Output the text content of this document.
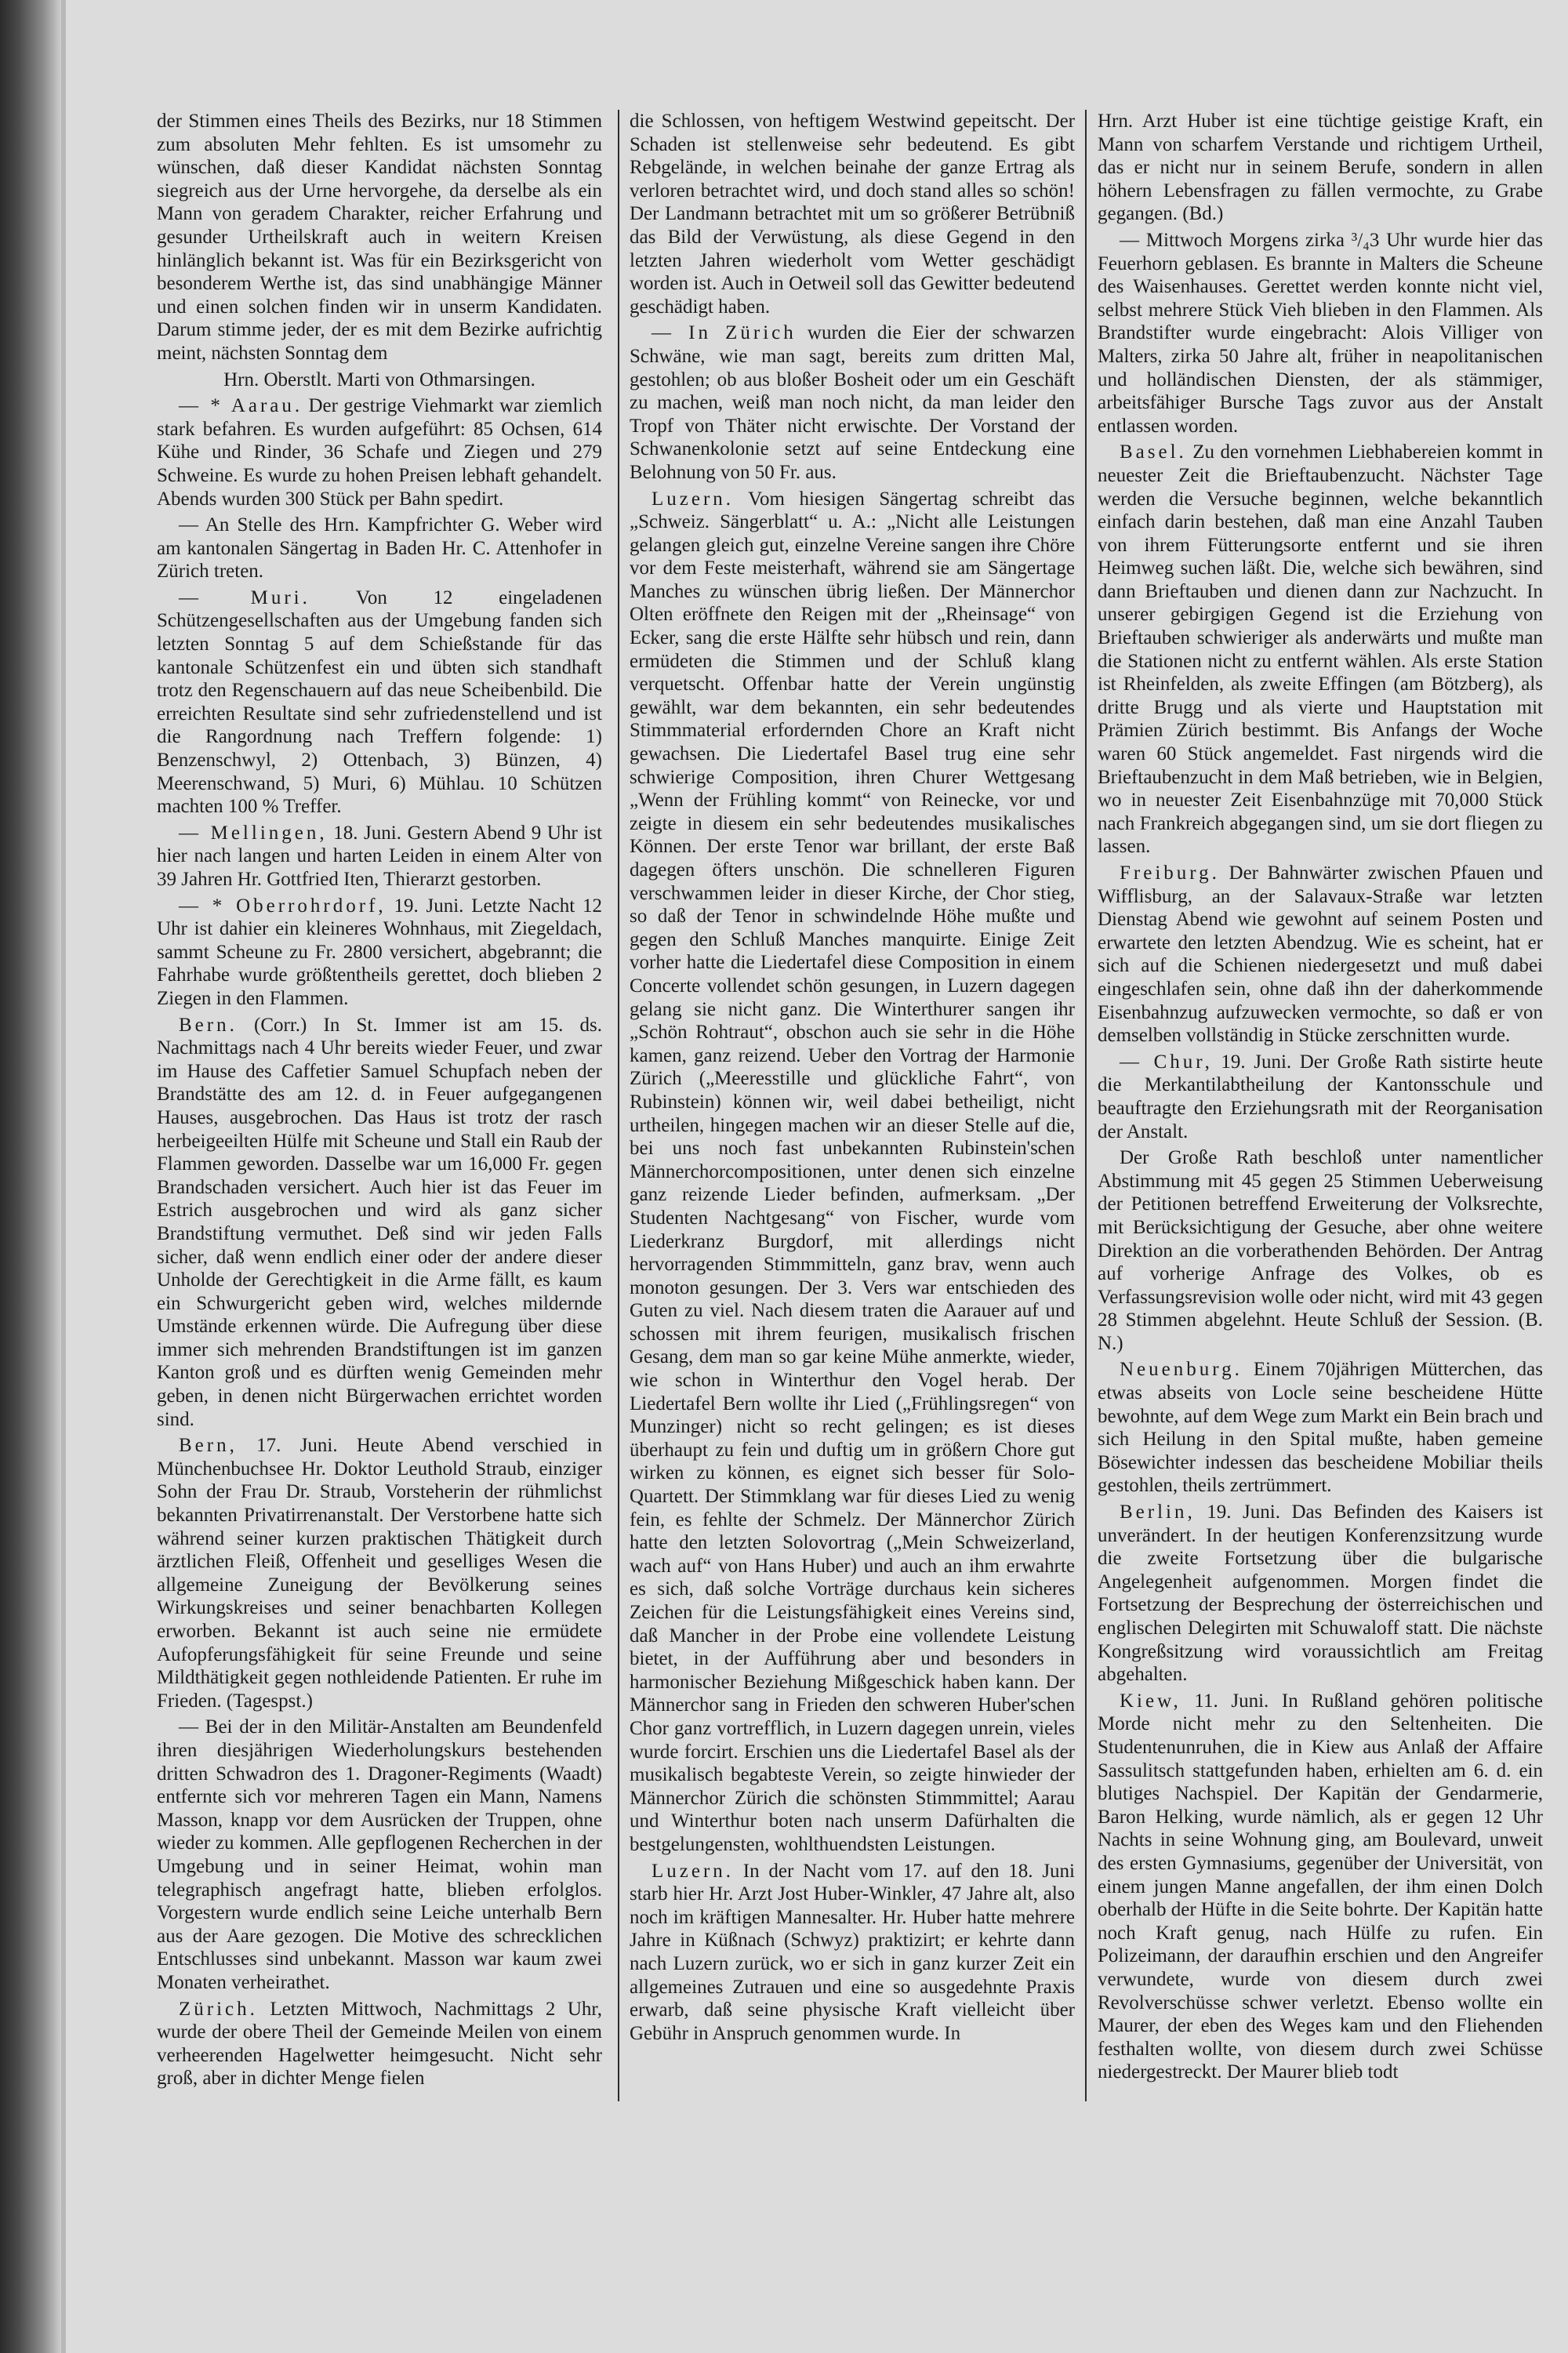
der Stimmen eines Theils des Bezirks, nur 18 Stimmen zum absoluten Mehr fehlten. Es ist umsomehr zu wünschen, daß dieser Kandidat nächsten Sonntag siegreich aus der Urne hervorgehe, da derselbe als ein Mann von geradem Charakter, reicher Erfahrung und gesunder Urtheilskraft auch in weitern Kreisen hinlänglich bekannt ist. Was für ein Bezirksgericht von besonderem Werthe ist, das sind unabhängige Männer und einen solchen finden wir in unserm Kandidaten. Darum stimme jeder, der es mit dem Bezirke aufrichtig meint, nächsten Sonntag dem

Hrn. Oberstlt. Marti von Othmarsingen.

— * Aarau. Der gestrige Viehmarkt war ziemlich stark befahren. Es wurden aufgeführt: 85 Ochsen, 614 Kühe und Rinder, 36 Schafe und Ziegen und 279 Schweine. Es wurde zu hohen Preisen lebhaft gehandelt. Abends wurden 300 Stück per Bahn spedirt.

— An Stelle des Hrn. Kampfrichter G. Weber wird am kantonalen Sängertag in Baden Hr. C. Attenhofer in Zürich treten.

— Muri. Von 12 eingeladenen Schützengesellschaften aus der Umgebung fanden sich letzten Sonntag 5 auf dem Schießstande für das kantonale Schützenfest ein und übten sich standhaft trotz den Regenschauern auf das neue Scheibenbild. Die erreichten Resultate sind sehr zufriedenstellend und ist die Rangordnung nach Treffern folgende: 1) Benzenschwyl, 2) Ottenbach, 3) Bünzen, 4) Meerenschwand, 5) Muri, 6) Mühlau. 10 Schützen machten 100 % Treffer.

— Mellingen, 18. Juni. Gestern Abend 9 Uhr ist hier nach langen und harten Leiden in einem Alter von 39 Jahren Hr. Gottfried Iten, Thierarzt gestorben.

— * Oberrohrdorf, 19. Juni. Letzte Nacht 12 Uhr ist dahier ein kleineres Wohnhaus, mit Ziegeldach, sammt Scheune zu Fr. 2800 versichert, abgebrannt; die Fahrhabe wurde größtentheils gerettet, doch blieben 2 Ziegen in den Flammen.

Bern. (Corr.) In St. Immer ist am 15. ds. Nachmittags nach 4 Uhr bereits wieder Feuer, und zwar im Hause des Caffetier Samuel Schupfach neben der Brandstätte des am 12. d. in Feuer aufgegangenen Hauses, ausgebrochen. Das Haus ist trotz der rasch herbeigeeilten Hülfe mit Scheune und Stall ein Raub der Flammen geworden. Dasselbe war um 16,000 Fr. gegen Brandschaden versichert. Auch hier ist das Feuer im Estrich ausgebrochen und wird als ganz sicher Brandstiftung vermuthet. Deß sind wir jeden Falls sicher, daß wenn endlich einer oder der andere dieser Unholde der Gerechtigkeit in die Arme fällt, es kaum ein Schwurgericht geben wird, welches mildernde Umstände erkennen würde. Die Aufregung über diese immer sich mehrenden Brandstiftungen ist im ganzen Kanton groß und es dürften wenig Gemeinden mehr geben, in denen nicht Bürgerwachen errichtet worden sind.

Bern, 17. Juni. Heute Abend verschied in Münchenbuchsee Hr. Doktor Leuthold Straub, einziger Sohn der Frau Dr. Straub, Vorsteherin der rühmlichst bekannten Privatirrenanstalt. Der Verstorbene hatte sich während seiner kurzen praktischen Thätigkeit durch ärztlichen Fleiß, Offenheit und geselliges Wesen die allgemeine Zuneigung der Bevölkerung seines Wirkungskreises und seiner benachbarten Kollegen erworben. Bekannt ist auch seine nie ermüdete Aufopferungsfähigkeit für seine Freunde und seine Mildthätigkeit gegen nothleidende Patienten. Er ruhe im Frieden. (Tagespst.)

— Bei der in den Militär-Anstalten am Beundenfeld ihren diesjährigen Wiederholungskurs bestehenden dritten Schwadron des 1. Dragoner-Regiments (Waadt) entfernte sich vor mehreren Tagen ein Mann, Namens Masson, knapp vor dem Ausrücken der Truppen, ohne wieder zu kommen. Alle gepflogenen Recherchen in der Umgebung und in seiner Heimat, wohin man telegraphisch angefragt hatte, blieben erfolglos. Vorgestern wurde endlich seine Leiche unterhalb Bern aus der Aare gezogen. Die Motive des schrecklichen Entschlusses sind unbekannt. Masson war kaum zwei Monaten verheirathet.

Zürich. Letzten Mittwoch, Nachmittags 2 Uhr, wurde der obere Theil der Gemeinde Meilen von einem verheerenden Hagelwetter heimgesucht. Nicht sehr groß, aber in dichter Menge fielen

die Schlossen, von heftigem Westwind gepeitscht. Der Schaden ist stellenweise sehr bedeutend. Es gibt Rebgelände, in welchen beinahe der ganze Ertrag als verloren betrachtet wird, und doch stand alles so schön! Der Landmann betrachtet mit um so größerer Betrübniß das Bild der Verwüstung, als diese Gegend in den letzten Jahren wiederholt vom Wetter geschädigt worden ist. Auch in Oetweil soll das Gewitter bedeutend geschädigt haben.

— In Zürich wurden die Eier der schwarzen Schwäne, wie man sagt, bereits zum dritten Mal, gestohlen; ob aus bloßer Bosheit oder um ein Geschäft zu machen, weiß man noch nicht, da man leider den Tropf von Thäter nicht erwischte. Der Vorstand der Schwanenkolonie setzt auf seine Entdeckung eine Belohnung von 50 Fr. aus.

Luzern. Vom hiesigen Sängertag schreibt das „Schweiz. Sängerblatt“ u. A.: „Nicht alle Leistungen gelangen gleich gut, einzelne Vereine sangen ihre Chöre vor dem Feste meisterhaft, während sie am Sängertage Manches zu wünschen übrig ließen. Der Männerchor Olten eröffnete den Reigen mit der „Rheinsage“ von Ecker, sang die erste Hälfte sehr hübsch und rein, dann ermüdeten die Stimmen und der Schluß klang verquetscht. Offenbar hatte der Verein ungünstig gewählt, war dem bekannten, ein sehr bedeutendes Stimmmaterial erfordernden Chore an Kraft nicht gewachsen. Die Liedertafel Basel trug eine sehr schwierige Composition, ihren Churer Wettgesang „Wenn der Frühling kommt“ von Reinecke, vor und zeigte in diesem ein sehr bedeutendes musikalisches Können. Der erste Tenor war brillant, der erste Baß dagegen öfters unschön. Die schnelleren Figuren verschwammen leider in dieser Kirche, der Chor stieg, so daß der Tenor in schwindelnde Höhe mußte und gegen den Schluß Manches manquirte. Einige Zeit vorher hatte die Liedertafel diese Composition in einem Concerte vollendet schön gesungen, in Luzern dagegen gelang sie nicht ganz. Die Winterthurer sangen ihr „Schön Rohtraut“, obschon auch sie sehr in die Höhe kamen, ganz reizend. Ueber den Vortrag der Harmonie Zürich („Meeresstille und glückliche Fahrt“, von Rubinstein) können wir, weil dabei betheiligt, nicht urtheilen, hingegen machen wir an dieser Stelle auf die, bei uns noch fast unbekannten Rubinstein'schen Männerchorcompositionen, unter denen sich einzelne ganz reizende Lieder befinden, aufmerksam. „Der Studenten Nachtgesang“ von Fischer, wurde vom Liederkranz Burgdorf, mit allerdings nicht hervorragenden Stimmmitteln, ganz brav, wenn auch monoton gesungen. Der 3. Vers war entschieden des Guten zu viel. Nach diesem traten die Aarauer auf und schossen mit ihrem feurigen, musikalisch frischen Gesang, dem man so gar keine Mühe anmerkte, wieder, wie schon in Winterthur den Vogel herab. Der Liedertafel Bern wollte ihr Lied („Frühlingsregen“ von Munzinger) nicht so recht gelingen; es ist dieses überhaupt zu fein und duftig um in größern Chore gut wirken zu können, es eignet sich besser für Solo-Quartett. Der Stimmklang war für dieses Lied zu wenig fein, es fehlte der Schmelz. Der Männerchor Zürich hatte den letzten Solovortrag („Mein Schweizerland, wach auf“ von Hans Huber) und auch an ihm erwahrte es sich, daß solche Vorträge durchaus kein sicheres Zeichen für die Leistungsfähigkeit eines Vereins sind, daß Mancher in der Probe eine vollendete Leistung bietet, in der Aufführung aber und besonders in harmonischer Beziehung Mißgeschick haben kann. Der Männerchor sang in Frieden den schweren Huber'schen Chor ganz vortrefflich, in Luzern dagegen unrein, vieles wurde forcirt. Erschien uns die Liedertafel Basel als der musikalisch begabteste Verein, so zeigte hinwieder der Männerchor Zürich die schönsten Stimmmittel; Aarau und Winterthur boten nach unserm Dafürhalten die bestgelungensten, wohlthuendsten Leistungen.

Luzern. In der Nacht vom 17. auf den 18. Juni starb hier Hr. Arzt Jost Huber-Winkler, 47 Jahre alt, also noch im kräftigen Mannesalter. Hr. Huber hatte mehrere Jahre in Küßnach (Schwyz) praktizirt; er kehrte dann nach Luzern zurück, wo er sich in ganz kurzer Zeit ein allgemeines Zutrauen und eine so ausgedehnte Praxis erwarb, daß seine physische Kraft vielleicht über Gebühr in Anspruch genommen wurde. In

Hrn. Arzt Huber ist eine tüchtige geistige Kraft, ein Mann von scharfem Verstande und richtigem Urtheil, das er nicht nur in seinem Berufe, sondern in allen höhern Lebensfragen zu fällen vermochte, zu Grabe gegangen. (Bd.)

— Mittwoch Morgens zirka ³/₄3 Uhr wurde hier das Feuerhorn geblasen. Es brannte in Malters die Scheune des Waisenhauses. Gerettet werden konnte nicht viel, selbst mehrere Stück Vieh blieben in den Flammen. Als Brandstifter wurde eingebracht: Alois Villiger von Malters, zirka 50 Jahre alt, früher in neapolitanischen und holländischen Diensten, der als stämmiger, arbeitsfähiger Bursche Tags zuvor aus der Anstalt entlassen worden.

Basel. Zu den vornehmen Liebhabereien kommt in neuester Zeit die Brieftaubenzucht. Nächster Tage werden die Versuche beginnen, welche bekanntlich einfach darin bestehen, daß man eine Anzahl Tauben von ihrem Fütterungsorte entfernt und sie ihren Heimweg suchen läßt. Die, welche sich bewähren, sind dann Brieftauben und dienen dann zur Nachzucht. In unserer gebirgigen Gegend ist die Erziehung von Brieftauben schwieriger als anderwärts und mußte man die Stationen nicht zu entfernt wählen. Als erste Station ist Rheinfelden, als zweite Effingen (am Bötzberg), als dritte Brugg und als vierte und Hauptstation mit Prämien Zürich bestimmt. Bis Anfangs der Woche waren 60 Stück angemeldet. Fast nirgends wird die Brieftaubenzucht in dem Maß betrieben, wie in Belgien, wo in neuester Zeit Eisenbahnzüge mit 70,000 Stück nach Frankreich abgegangen sind, um sie dort fliegen zu lassen.

Freiburg. Der Bahnwärter zwischen Pfauen und Wifflisburg, an der Salavaux-Straße war letzten Dienstag Abend wie gewohnt auf seinem Posten und erwartete den letzten Abendzug. Wie es scheint, hat er sich auf die Schienen niedergesetzt und muß dabei eingeschlafen sein, ohne daß ihn der daherkommende Eisenbahnzug aufzuwecken vermochte, so daß er von demselben vollständig in Stücke zerschnitten wurde.

— Chur, 19. Juni. Der Große Rath sistirte heute die Merkantilabtheilung der Kantonsschule und beauftragte den Erziehungsrath mit der Reorganisation der Anstalt.

Der Große Rath beschloß unter namentlicher Abstimmung mit 45 gegen 25 Stimmen Ueberweisung der Petitionen betreffend Erweiterung der Volksrechte, mit Berücksichtigung der Gesuche, aber ohne weitere Direktion an die vorberathenden Behörden. Der Antrag auf vorherige Anfrage des Volkes, ob es Verfassungsrevision wolle oder nicht, wird mit 43 gegen 28 Stimmen abgelehnt. Heute Schluß der Session. (B. N.)

Neuenburg. Einem 70jährigen Mütterchen, das etwas abseits von Locle seine bescheidene Hütte bewohnte, auf dem Wege zum Markt ein Bein brach und sich Heilung in den Spital mußte, haben gemeine Bösewichter indessen das bescheidene Mobiliar theils gestohlen, theils zertrümmert.

Berlin, 19. Juni. Das Befinden des Kaisers ist unverändert. In der heutigen Konferenzsitzung wurde die zweite Fortsetzung über die bulgarische Angelegenheit aufgenommen. Morgen findet die Fortsetzung der Besprechung der österreichischen und englischen Delegirten mit Schuwaloff statt. Die nächste Kongreßsitzung wird voraussichtlich am Freitag abgehalten.

Kiew, 11. Juni. In Rußland gehören politische Morde nicht mehr zu den Seltenheiten. Die Studentenunruhen, die in Kiew aus Anlaß der Affaire Sassulitsch stattgefunden haben, erhielten am 6. d. ein blutiges Nachspiel. Der Kapitän der Gendarmerie, Baron Helking, wurde nämlich, als er gegen 12 Uhr Nachts in seine Wohnung ging, am Boulevard, unweit des ersten Gymnasiums, gegenüber der Universität, von einem jungen Manne angefallen, der ihm einen Dolch oberhalb der Hüfte in die Seite bohrte. Der Kapitän hatte noch Kraft genug, nach Hülfe zu rufen. Ein Polizeimann, der daraufhin erschien und den Angreifer verwundete, wurde von diesem durch zwei Revolverschüsse schwer verletzt. Ebenso wollte ein Maurer, der eben des Weges kam und den Fliehenden festhalten wollte, von diesem durch zwei Schüsse niedergestreckt. Der Maurer blieb todt
